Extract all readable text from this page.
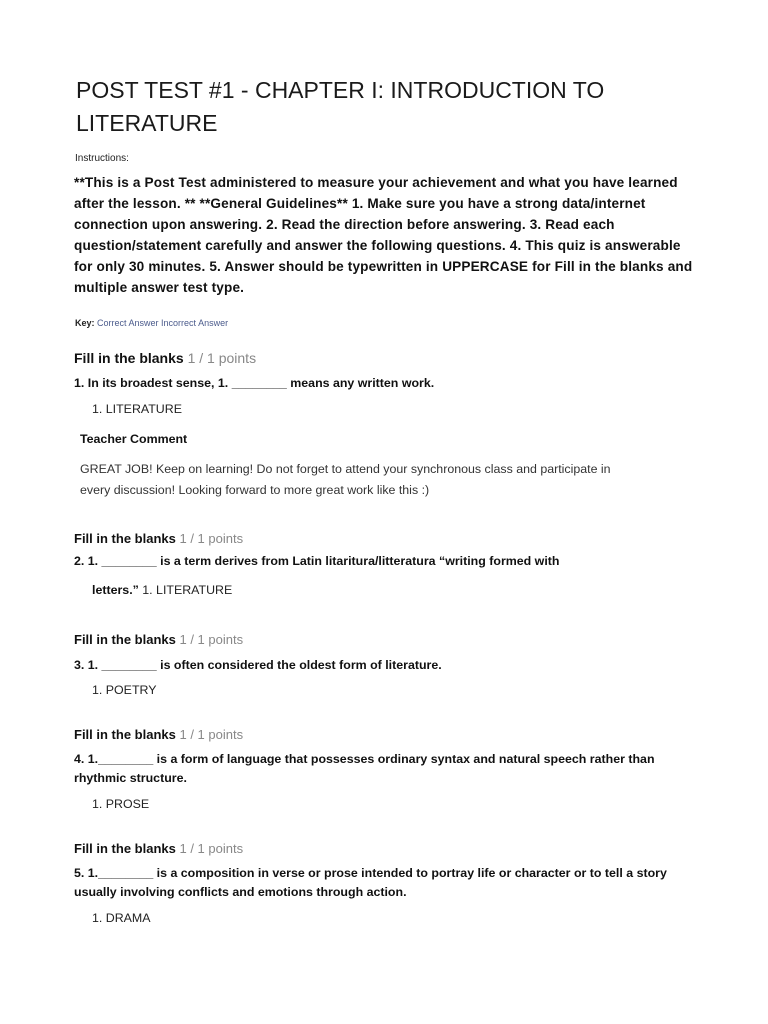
POST TEST #1 - CHAPTER I: INTRODUCTION TO LITERATURE
Instructions:
**This is a Post Test administered to measure your achievement and what you have learned after the lesson. ** **General Guidelines** 1. Make sure you have a strong data/internet connection upon answering. 2. Read the direction before answering. 3. Read each question/statement carefully and answer the following questions. 4. This quiz is answerable for only 30 minutes. 5. Answer should be typewritten in UPPERCASE for Fill in the blanks and multiple answer test type.
Key: Correct Answer Incorrect Answer
Fill in the blanks 1 / 1 points
1. In its broadest sense, 1. ________ means any written work.
1. LITERATURE
Teacher Comment
GREAT JOB! Keep on learning! Do not forget to attend your synchronous class and participate in every discussion! Looking forward to more great work like this :)
Fill in the blanks 1 / 1 points
2. 1. ________ is a term derives from Latin litaritura/litteratura “writing formed with
letters.” 1. LITERATURE
Fill in the blanks 1 / 1 points
3. 1. ________ is often considered the oldest form of literature.
1. POETRY
Fill in the blanks 1 / 1 points
4. 1.________ is a form of language that possesses ordinary syntax and natural speech rather than rhythmic structure.
1. PROSE
Fill in the blanks 1 / 1 points
5. 1.________ is a composition in verse or prose intended to portray life or character or to tell a story usually involving conflicts and emotions through action.
1. DRAMA
